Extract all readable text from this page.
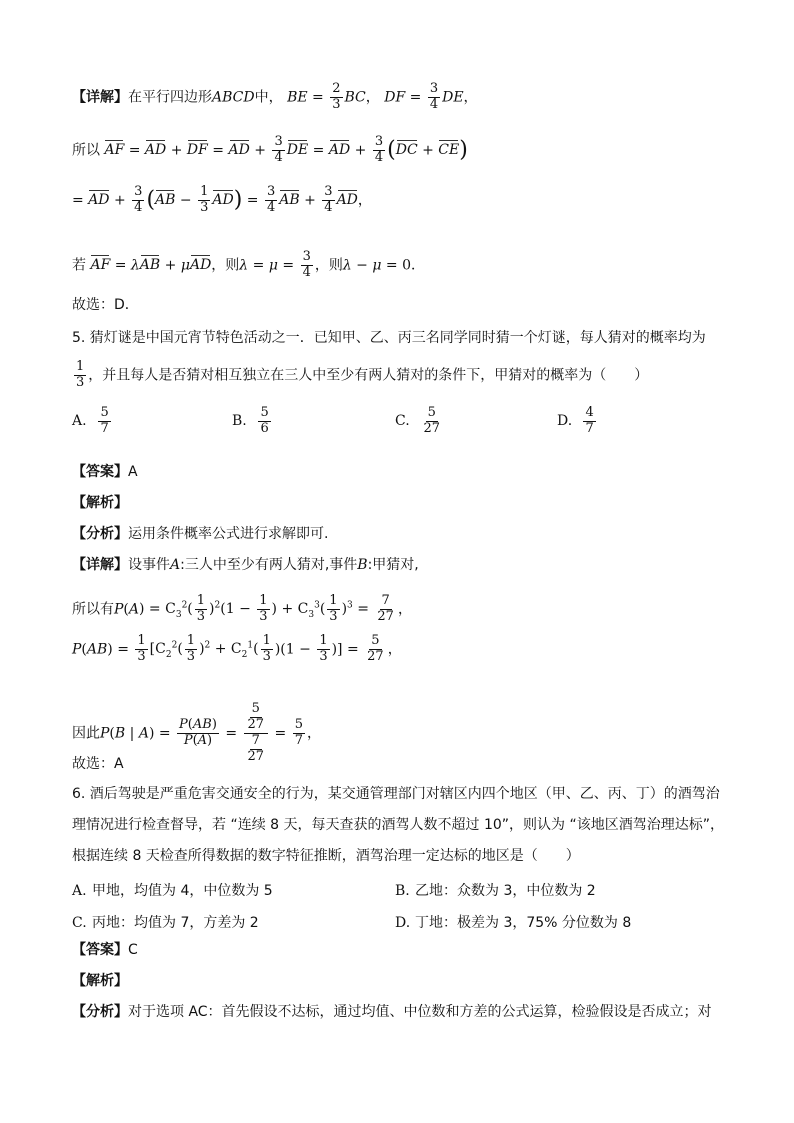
【详解】在平行四边形ABCD中， BE = $\frac{2}{3}$ BC， DF = $\frac{3}{4}$ DE，
所以 AF = AD + DF = AD + $\frac{3}{4}$ DE = AD + $\frac{3}{4} (DC + CE)$
= AD + $\frac{3}{4} (AB - \frac{1}{3} AD) = \frac{3}{4}$ AB + $\frac{3}{4}$ AD，
若 AF = λAB + μAD，则$\lambda = \mu = \frac{3}{4}$ ，则λ − μ = 0．
故选：D．
5. 猜灯谜是中国元宵节特色活动之一．已知甲、乙、丙三名同学同时猜一个灯谜，每人猜对的概率均为
$\frac{1}{3}$ ，并且每人是否猜对相互独立在三人中至少有两人猜对的条件下，甲猜对的概率为（　　）
A. $\frac{5}{7}$	B. $\frac{5}{6}$	C. $\frac{5}{27}$	D. $\frac{4}{7}$
【答案】A
【解析】
【分析】运用条件概率公式进行求解即可.
【详解】设事件A:三人中至少有两人猜对,事件B:甲猜对,
所以有$P(A) = C_3^2( \frac{1}{3} )^2(1 - \frac{1}{3}$ ) + $C_3^3( \frac{1}{3} )^3 = \frac{7}{27}$ ，
$P(AB) = \frac{1}{3} [C_2^2( \frac{1}{3} )^2 + C_2^1( \frac{1}{3} )(1 - \frac{1}{3}$ )] = $\frac{5}{27}$ ，
因此P(B | $A) = \frac{P(AB)}{P(A)} = \frac{\frac{5}{27}}{\frac{7}{27}} = \frac{5}{7}$ ，
故选：A
6. 酒后驾驶是严重危害交通安全的行为，某交通管理部门对辖区内四个地区（甲、乙、丙、丁）的酒驾治
理情况进行检查督导，若 “连续 8 天，每天查获的酒驾人数不超过 10”，则认为 “该地区酒驾治理达标”，
根据连续 8 天检查所得数据的数字特征推断，酒驾治理一定达标的地区是（　　）
A. 甲地，均值为 4，中位数为 5	B. 乙地：众数为 3，中位数为 2
C. 丙地：均值为 7，方差为 2	D. 丁地：极差为 3，75% 分位数为 8
【答案】C
【解析】
【分析】对于选项 AC：首先假设不达标，通过均值、中位数和方差的公式运算，检验假设是否成立；对
